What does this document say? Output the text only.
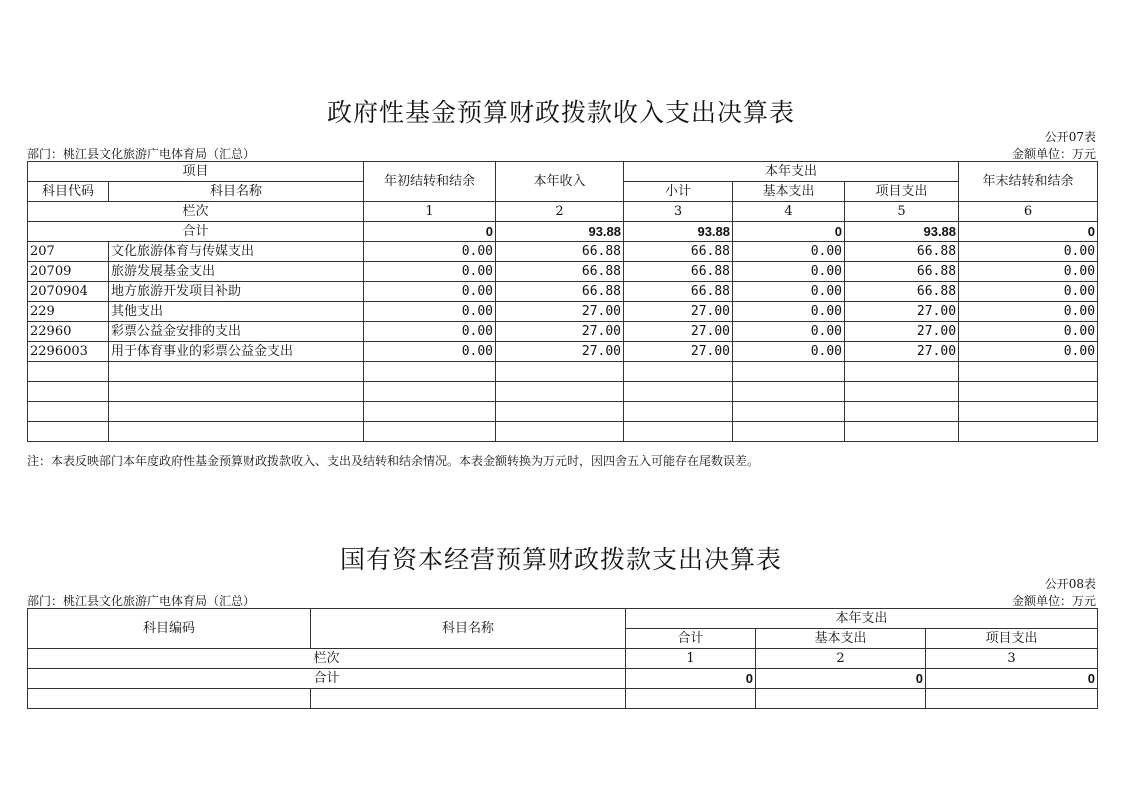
政府性基金预算财政拨款收入支出决算表
公开07表
部门：桃江县文化旅游广电体育局（汇总）	金额单位：万元
项目		年初结转和结余	本年收入	本年支出			年末结转和结余
科目代码	科目名称			小计	基本支出	项目支出	
栏次		1	2	3	4	5	6
合计		0	93.88	93.88	0	93.88	0
207	文化旅游体育与传媒支出	0.00	66.88	66.88	0.00	66.88	0.00
20709	旅游发展基金支出	0.00	66.88	66.88	0.00	66.88	0.00
2070904	地方旅游开发项目补助	0.00	66.88	66.88	0.00	66.88	0.00
229	其他支出	0.00	27.00	27.00	0.00	27.00	0.00
22960	彩票公益金安排的支出	0.00	27.00	27.00	0.00	27.00	0.00
2296003	用于体育事业的彩票公益金支出	0.00	27.00	27.00	0.00	27.00	0.00

注：本表反映部门本年度政府性基金预算财政拨款收入、支出及结转和结余情况。本表金额转换为万元时，因四舍五入可能存在尾数误差。
国有资本经营预算财政拨款支出决算表
公开08表
部门：桃江县文化旅游广电体育局（汇总）	金额单位：万元
科目编码	科目名称	本年支出		
		合计	基本支出	项目支出
栏次		1	2	3
合计		0	0	0
